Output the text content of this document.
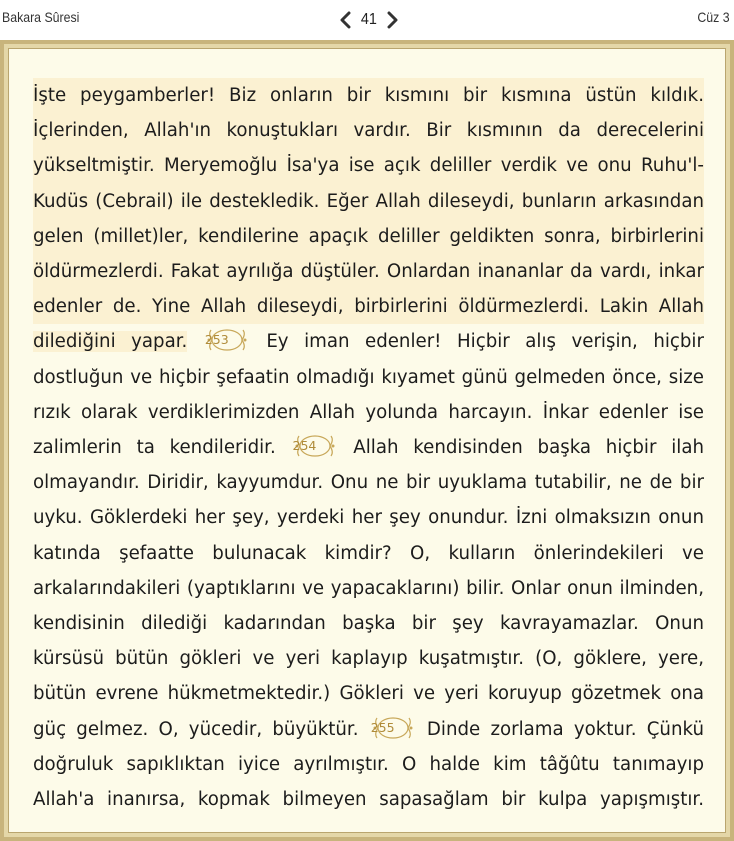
Bakara Sûresi	41	Cüz 3
İşte peygamberler! Biz onların bir kısmını bir kısmına üstün kıldık.
İçlerinden, Allah'ın konuştukları vardır. Bir kısmının da derecelerini
yükseltmiştir. Meryemoğlu İsa'ya ise açık deliller verdik ve onu Ruhu'l-
Kudüs (Cebrail) ile destekledik. Eğer Allah dileseydi, bunların arkasından
gelen (millet)ler, kendilerine apaçık deliller geldikten sonra, birbirlerini
öldürmezlerdi. Fakat ayrılığa düştüler. Onlardan inananlar da vardı, inkar
edenler de. Yine Allah dileseydi, birbirlerini öldürmezlerdi. Lakin Allah
dilediğini yapar. 253	Ey iman edenler! Hiçbir alış verişin, hiçbir
dostluğun ve hiçbir şefaatin olmadığı kıyamet günü gelmeden önce, size
rızık olarak verdiklerimizden Allah yolunda harcayın. İnkar edenler ise
zalimlerin ta kendileridir. 254	Allah kendisinden başka hiçbir ilah
olmayandır. Diridir, kayyumdur. Onu ne bir uyuklama tutabilir, ne de bir
uyku. Göklerdeki her şey, yerdeki her şey onundur. İzni olmaksızın onun
katında şefaatte bulunacak kimdir? O, kulların önlerindekileri ve
arkalarındakileri (yaptıklarını ve yapacaklarını) bilir. Onlar onun ilminden,
kendisinin dilediği kadarından başka bir şey kavrayamazlar. Onun
kürsüsü bütün gökleri ve yeri kaplayıp kuşatmıştır. (O, göklere, yere,
bütün evrene hükmetmektedir.) Gökleri ve yeri koruyup gözetmek ona
güç gelmez. O, yücedir, büyüktür. 255	Dinde zorlama yoktur. Çünkü
doğruluk sapıklıktan iyice ayrılmıştır. O halde kim tâğûtu tanımayıp
Allah'a inanırsa, kopmak bilmeyen sapasağlam bir kulpa yapışmıştır.
